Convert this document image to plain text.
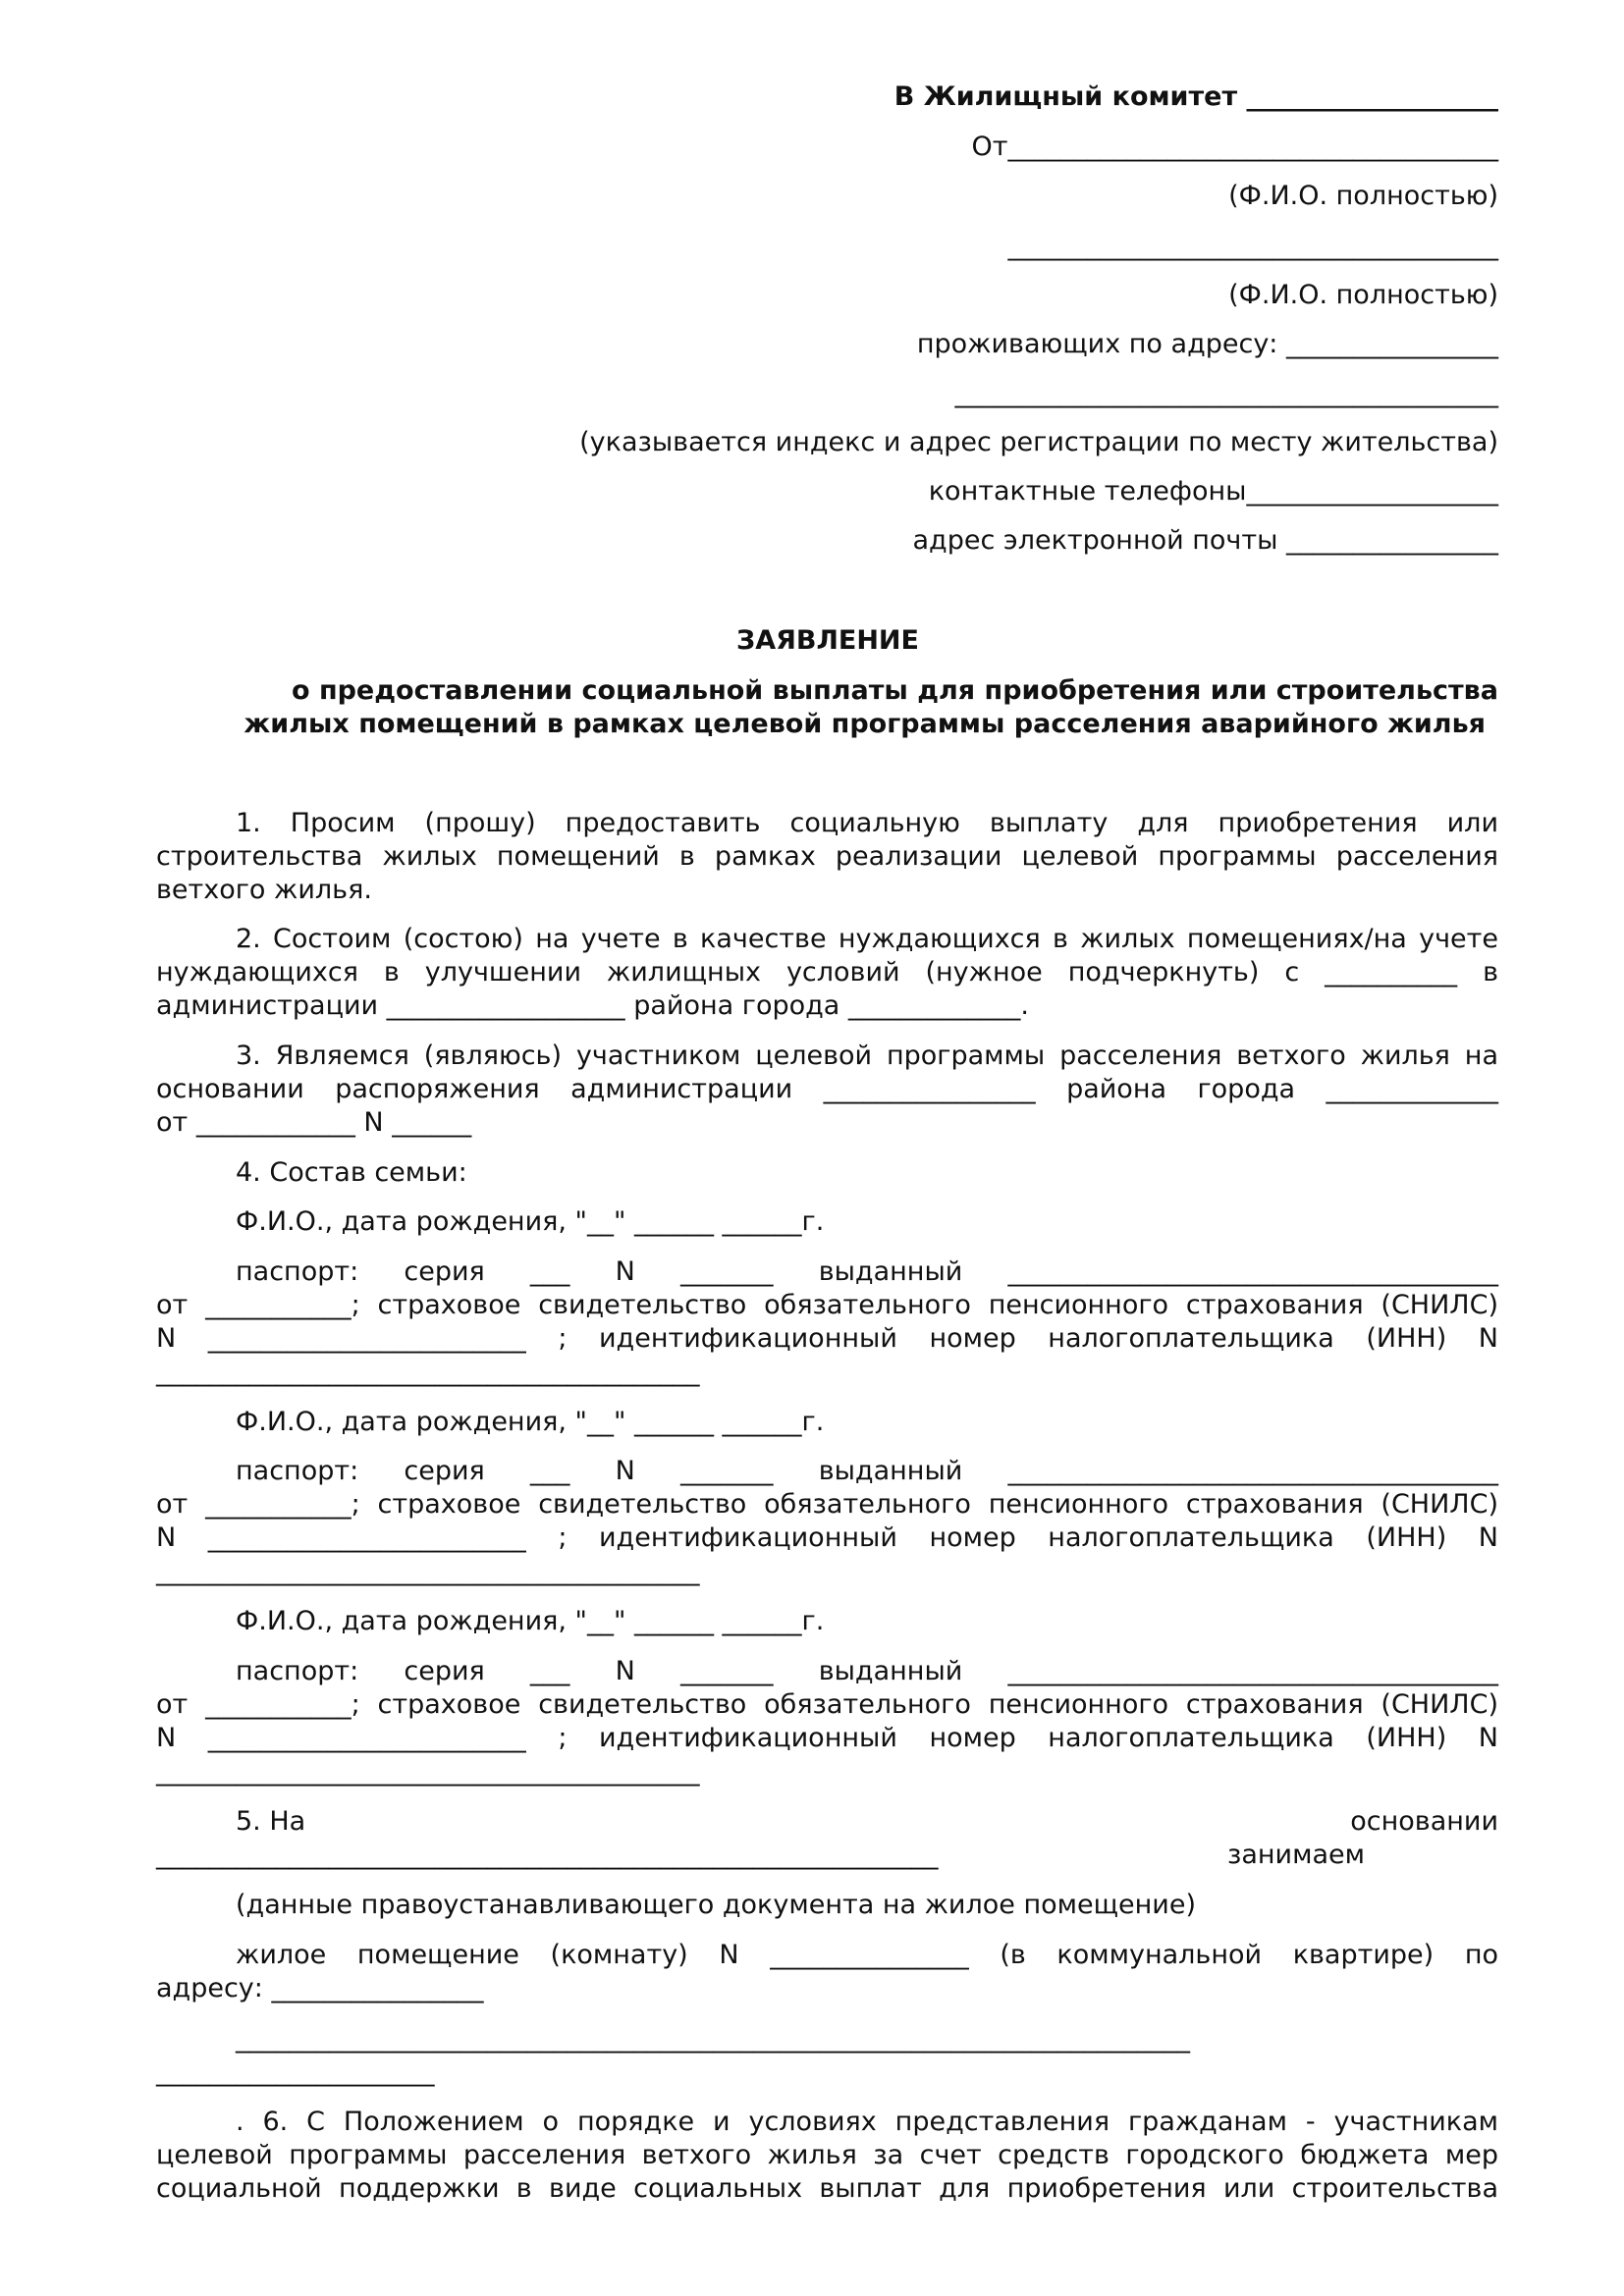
В Жилищный комитет ___________________
От_____________________________________
(Ф.И.О. полностью)
_____________________________________
(Ф.И.О. полностью)
проживающих по адресу: ________________
_________________________________________
(указывается индекс и адрес регистрации по месту жительства)
контактные телефоны___________________
адрес электронной почты ________________
ЗАЯВЛЕНИЕ
о предоставлении социальной выплаты для приобретения или строительства
жилых помещений в рамках целевой программы расселения аварийного жилья
1. Просим (прошу) предоставить социальную выплату для приобретения или
строительства жилых помещений в рамках реализации целевой программы расселения
ветхого жилья.
2. Состоим (состою) на учете в качестве нуждающихся в жилых помещениях/на учете
нуждающихся в улучшении жилищных условий (нужное подчеркнуть) с __________ в
администрации __________________ района города _____________.
3. Являемся (являюсь) участником целевой программы расселения ветхого жилья на
основании распоряжения администрации ________________ района города _____________
от ____________ N ______
4. Состав семьи:
Ф.И.О., дата рождения, "__" ______ ______г.
паспорт: серия ___ N _______ выданный _____________________________________
от ___________; страховое свидетельство обязательного пенсионного страхования (СНИЛС)
N ________________________ ; идентификационный номер налогоплательщика (ИНН) N
_________________________________________
Ф.И.О., дата рождения, "__" ______ ______г.
паспорт: серия ___ N _______ выданный _____________________________________
от ___________; страховое свидетельство обязательного пенсионного страхования (СНИЛС)
N ________________________ ; идентификационный номер налогоплательщика (ИНН) N
_________________________________________
Ф.И.О., дата рождения, "__" ______ ______г.
паспорт: серия ___ N _______ выданный _____________________________________
от ___________; страховое свидетельство обязательного пенсионного страхования (СНИЛС)
N ________________________ ; идентификационный номер налогоплательщика (ИНН) N
_________________________________________
5. На	основании
___________________________________________________________	занимаем
(данные правоустанавливающего документа на жилое помещение)
жилое помещение (комнату) N _______________ (в коммунальной квартире) по
адресу: ________________
________________________________________________________________________
_____________________
. 6. С Положением о порядке и условиях представления гражданам - участникам
целевой программы расселения ветхого жилья за счет средств городского бюджета мер
социальной поддержки в виде социальных выплат для приобретения или строительства
